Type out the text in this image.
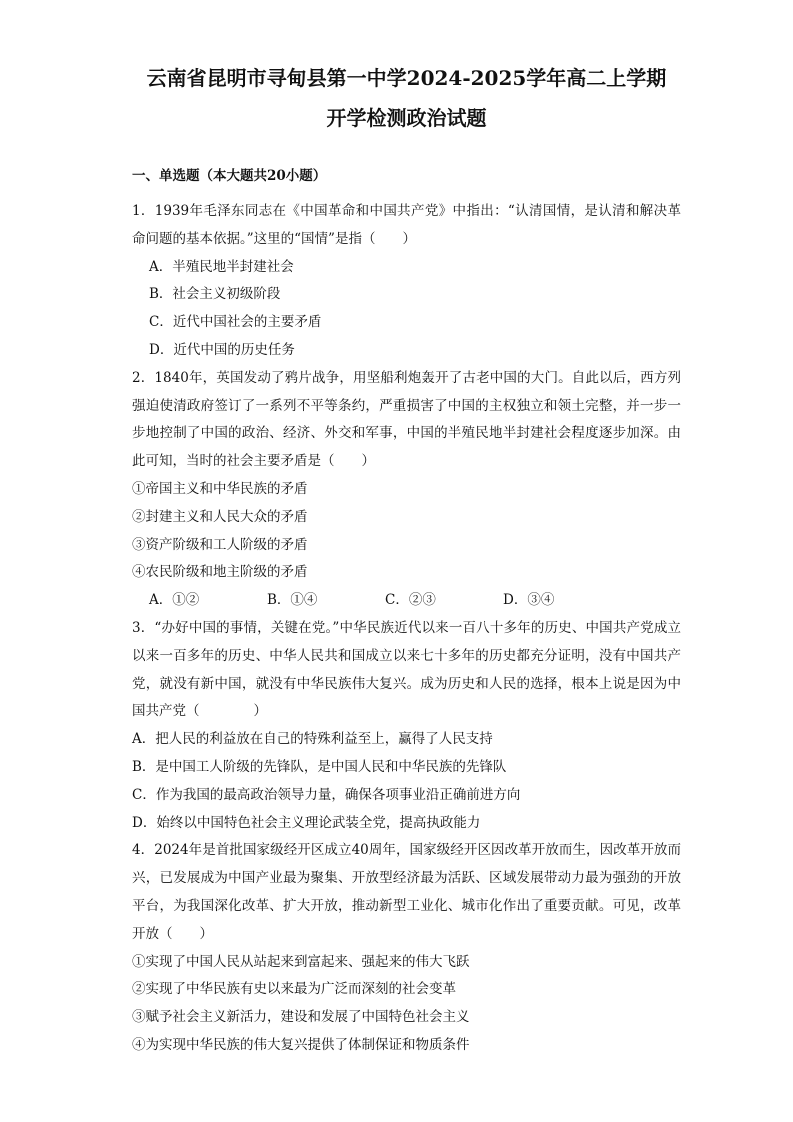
云南省昆明市寻甸县第一中学2024-2025学年高二上学期
开学检测政治试题
一、单选题（本大题共20小题）

1．1939年毛泽东同志在《中国革命和中国共产党》中指出：“认清国情，是认清和解决革命问题的基本依据。”这里的“国情”是指（　　）

A．半殖民地半封建社会

B．社会主义初级阶段

C．近代中国社会的主要矛盾

D．近代中国的历史任务

2．1840年，英国发动了鸦片战争，用坚船利炮轰开了古老中国的大门。自此以后，西方列强迫使清政府签订了一系列不平等条约，严重损害了中国的主权独立和领土完整，并一步一步地控制了中国的政治、经济、外交和军事，中国的半殖民地半封建社会程度逐步加深。由此可知，当时的社会主要矛盾是（　　）

①帝国主义和中华民族的矛盾

②封建主义和人民大众的矛盾

③资产阶级和工人阶级的矛盾

④农民阶级和地主阶级的矛盾

A．①②	B．①④	C．②③	D．③④

3．“办好中国的事情，关键在党。”中华民族近代以来一百八十多年的历史、中国共产党成立以来一百多年的历史、中华人民共和国成立以来七十多年的历史都充分证明，没有中国共产党，就没有新中国，就没有中华民族伟大复兴。成为历史和人民的选择，根本上说是因为中国共产党（　　　　）

A．把人民的利益放在自己的特殊利益至上，赢得了人民支持

B．是中国工人阶级的先锋队，是中国人民和中华民族的先锋队

C．作为我国的最高政治领导力量，确保各项事业沿正确前进方向

D．始终以中国特色社会主义理论武装全党，提高执政能力

4．2024年是首批国家级经开区成立40周年，国家级经开区因改革开放而生，因改革开放而兴，已发展成为中国产业最为聚集、开放型经济最为活跃、区域发展带动力最为强劲的开放平台，为我国深化改革、扩大开放，推动新型工业化、城市化作出了重要贡献。可见，改革开放（　　）

①实现了中国人民从站起来到富起来、强起来的伟大飞跃

②实现了中华民族有史以来最为广泛而深刻的社会变革

③赋予社会主义新活力，建设和发展了中国特色社会主义

④为实现中华民族的伟大复兴提供了体制保证和物质条件
